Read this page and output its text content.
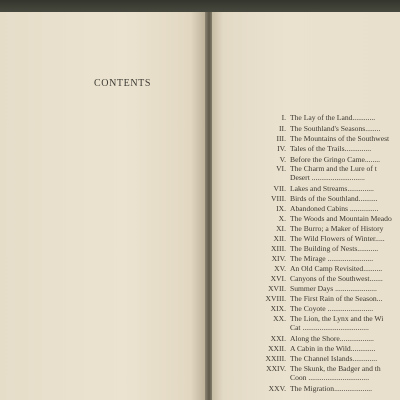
CONTENTS
I. The Lay of the Land............
II. The Southland's Seasons........
III. The Mountains of the Southwest
IV. Tales of the Trails..............
V. Before the Gringo Came........
VI. The Charm and the Lure of t
Desert ............................
VII. Lakes and Streams..............
VIII. Birds of the Southland..........
IX. Abandoned Cabins ...............
X. The Woods and Mountain Meado
XI. The Burro; a Maker of History
XII. The Wild Flowers of Winter.....
XIII. The Building of Nests...........
XIV. The Mirage ........................
XV. An Old Camp Revisited..........
XVI. Canyons of the Southwest.......
XVII. Summer Days ......................
XVIII. The First Rain of the Season...
XIX. The Coyote ........................
XX. The Lion, the Lynx and the Wi
Cat ...................................
XXI. Along the Shore..................
XXII. A Cabin in the Wild.............
XXIII. The Channel Islands.............
XXIV. The Skunk, the Badger and th
Coon ................................
XXV. The Migration....................
